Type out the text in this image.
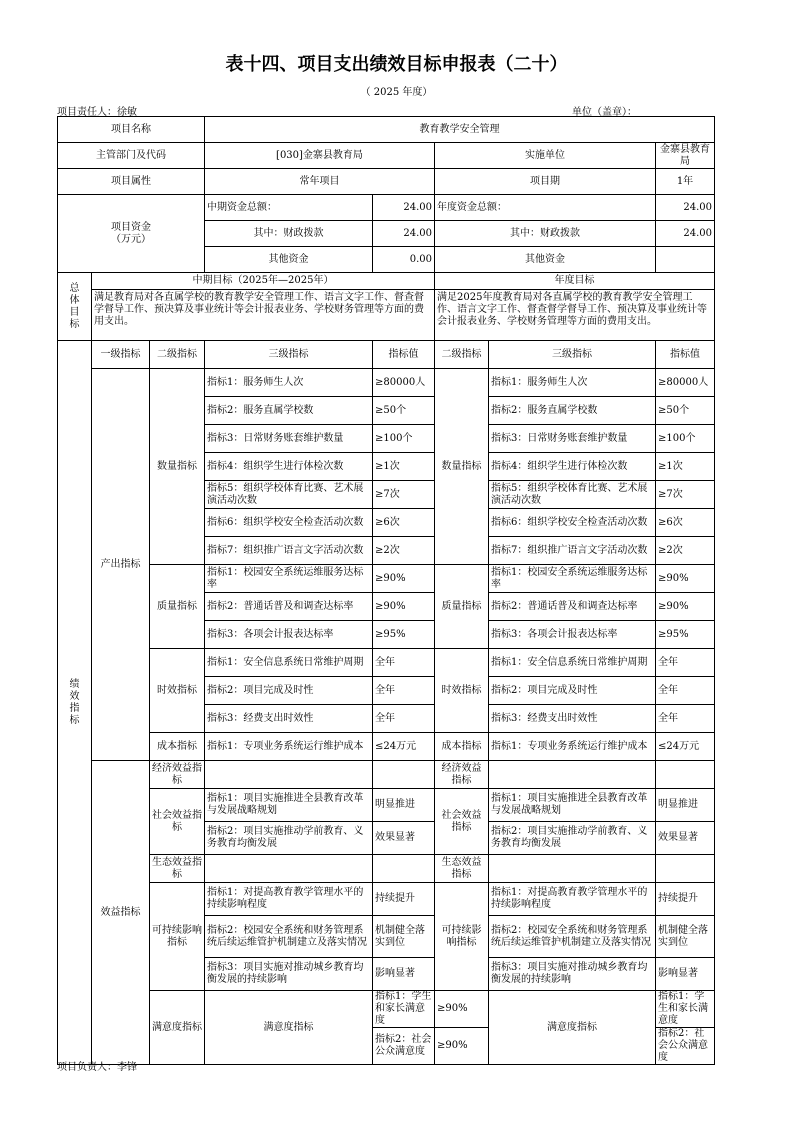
表十四、项目支出绩效目标申报表（二十）
（ 2025 年度）
项目责任人：徐敏	单位（盖章）：
项目名称			教育教学安全管理					
主管部门及代码			[030]金寨县教育局		实施单位		金寨县教育局	
项目属性			常年项目		项目期		1年	
项目资金
（万元）			中期资金总额：	24.00	年度资金总额：		24.00	
			其中：财政拨款	24.00	其中：财政拨款		24.00	
			其他资金	0.00	其他资金			
总体目标	中期目标（2025年—2025年）				年度目标			
	满足教育局对各直属学校的教育教学安全管理工作、语言文字工作、督查督学督导工作、预决算及事业统计等会计报表业务、学校财务管理等方面的费用支出。				满足2025年度教育局对各直属学校的教育教学安全管理工作、语言文字工作、督查督学督导工作、预决算及事业统计等会计报表业务、学校财务管理等方面的费用支出。			
绩效指标	一级指标	二级指标	三级指标	指标值	二级指标	三级指标	指标值	
	产出指标	数量指标	指标1：服务师生人次	≥80000人	数量指标	指标1：服务师生人次	≥80000人	
			指标2：服务直属学校数	≥50个		指标2：服务直属学校数	≥50个	
			指标3：日常财务账套维护数量	≥100个		指标3：日常财务账套维护数量	≥100个	
			指标4：组织学生进行体检次数	≥1次		指标4：组织学生进行体检次数	≥1次	
			指标5：组织学校体育比赛、艺术展演活动次数	≥7次		指标5：组织学校体育比赛、艺术展演活动次数	≥7次	
			指标6：组织学校安全检查活动次数	≥6次		指标6：组织学校安全检查活动次数	≥6次	
			指标7：组织推广语言文字活动次数	≥2次		指标7：组织推广语言文字活动次数	≥2次	
		质量指标	指标1：校园安全系统运维服务达标率	≥90%	质量指标	指标1：校园安全系统运维服务达标率	≥90%	
			指标2：普通话普及和调查达标率	≥90%		指标2：普通话普及和调查达标率	≥90%	
			指标3：各项会计报表达标率	≥95%		指标3：各项会计报表达标率	≥95%	
		时效指标	指标1：安全信息系统日常维护周期	全年	时效指标	指标1：安全信息系统日常维护周期	全年	
			指标2：项目完成及时性	全年		指标2：项目完成及时性	全年	
			指标3：经费支出时效性	全年		指标3：经费支出时效性	全年	
		成本指标	指标1：专项业务系统运行维护成本	≤24万元	成本指标	指标1：专项业务系统运行维护成本	≤24万元	
	效益指标	经济效益指标			经济效益指标			
		社会效益指标	指标1：项目实施推进全县教育改革与发展战略规划	明显推进	社会效益指标	指标1：项目实施推进全县教育改革与发展战略规划	明显推进	
			指标2：项目实施推动学前教育、义务教育均衡发展	效果显著		指标2：项目实施推动学前教育、义务教育均衡发展	效果显著	
		生态效益指标			生态效益指标			
		可持续影响指标	指标1：对提高教育教学管理水平的持续影响程度	持续提升	可持续影响指标	指标1：对提高教育教学管理水平的持续影响程度	持续提升	
			指标2：校园安全系统和财务管理系统后续运维管护机制建立及落实情况	机制健全落实到位		指标2：校园安全系统和财务管理系统后续运维管护机制建立及落实情况	机制健全落实到位	
			指标3：项目实施对推动城乡教育均衡发展的持续影响	影响显著		指标3：项目实施对推动城乡教育均衡发展的持续影响	影响显著	
		满意度指标	满意度指标	指标1：学生和家长满意度	≥90%	满意度指标	指标1：学生和家长满意度	
				指标2：社会公众满意度	≥90%		指标2：社会公众满意度	
项目负责人：李锋
